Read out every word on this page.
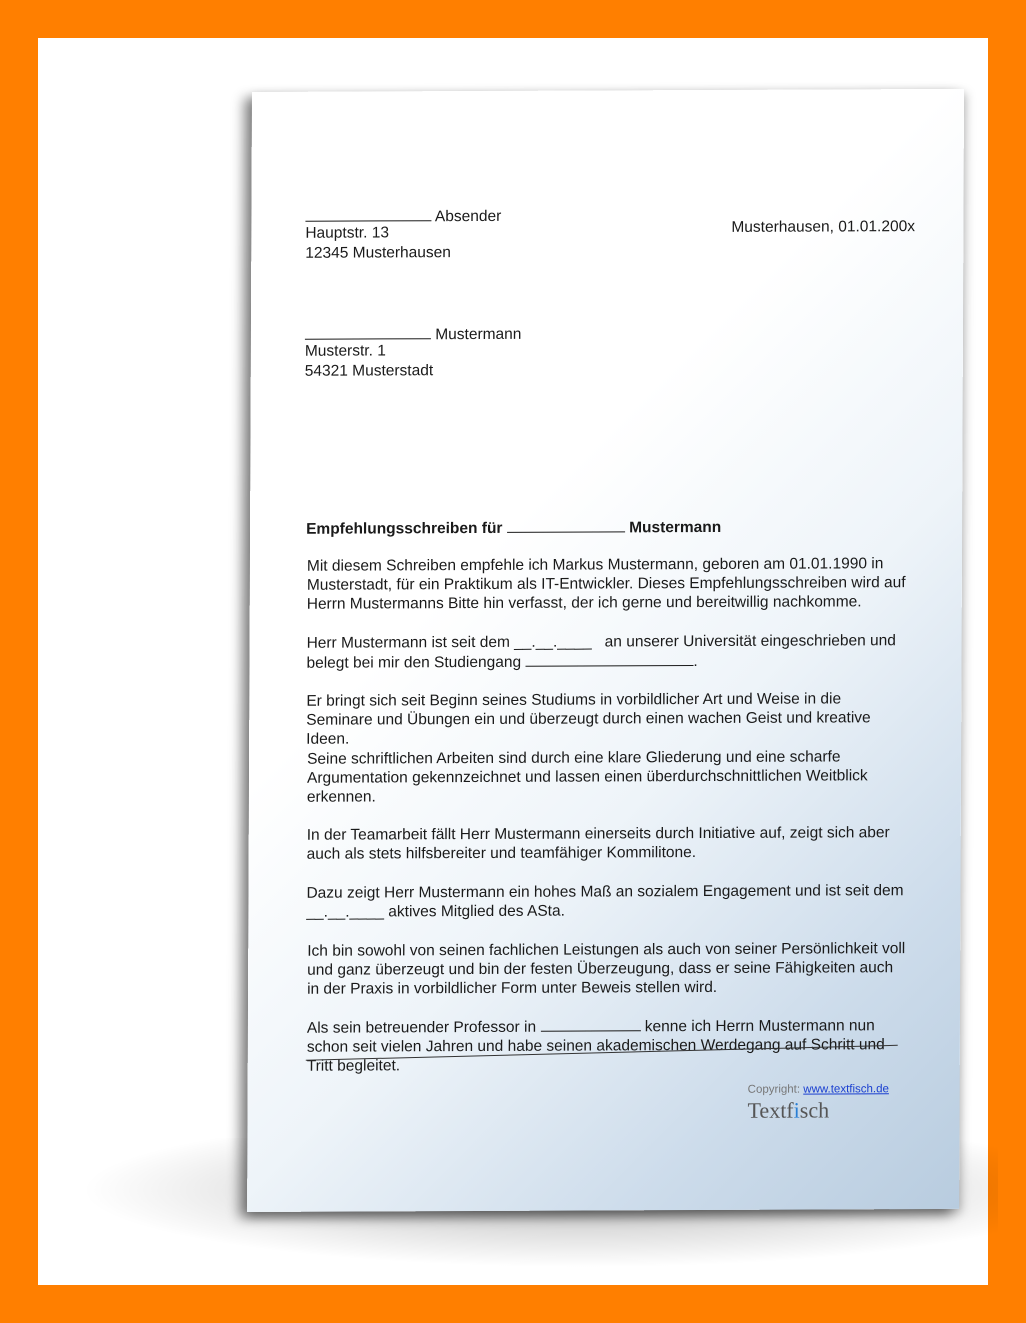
Absender
Hauptstr. 13
12345 Musterhausen
Musterhausen, 01.01.200x
Mustermann
Musterstr. 1
54321 Musterstadt
Empfehlungsschreiben für	Mustermann
Mit diesem Schreiben empfehle ich Markus Mustermann, geboren am 01.01.1990 in Musterstadt, für ein Praktikum als IT-Entwickler. Dieses Empfehlungsschreiben wird auf Herrn Mustermanns Bitte hin verfasst, der ich gerne und bereitwillig nachkomme.
Herr Mustermann ist seit dem __.__.____ an unserer Universität eingeschrieben und
belegt bei mir den Studiengang	.
Er bringt sich seit Beginn seines Studiums in vorbildlicher Art und Weise in die Seminare und Übungen ein und überzeugt durch einen wachen Geist und kreative Ideen.
Seine schriftlichen Arbeiten sind durch eine klare Gliederung und eine scharfe Argumentation gekennzeichnet und lassen einen überdurchschnittlichen Weitblick erkennen.
In der Teamarbeit fällt Herr Mustermann einerseits durch Initiative auf, zeigt sich aber auch als stets hilfsbereiter und teamfähiger Kommilitone.
Dazu zeigt Herr Mustermann ein hohes Maß an sozialem Engagement und ist seit dem
__.__.____ aktives Mitglied des ASta.
Ich bin sowohl von seinen fachlichen Leistungen als auch von seiner Persönlichkeit voll und ganz überzeugt und bin der festen Überzeugung, dass er seine Fähigkeiten auch in der Praxis in vorbildlicher Form unter Beweis stellen wird.
Als sein betreuender Professor in	kenne ich Herrn Mustermann nun schon seit vielen Jahren und habe seinen akademischen Werdegang auf Schritt und Tritt begleitet.
Copyright: www.textfisch.de
Textfisch
